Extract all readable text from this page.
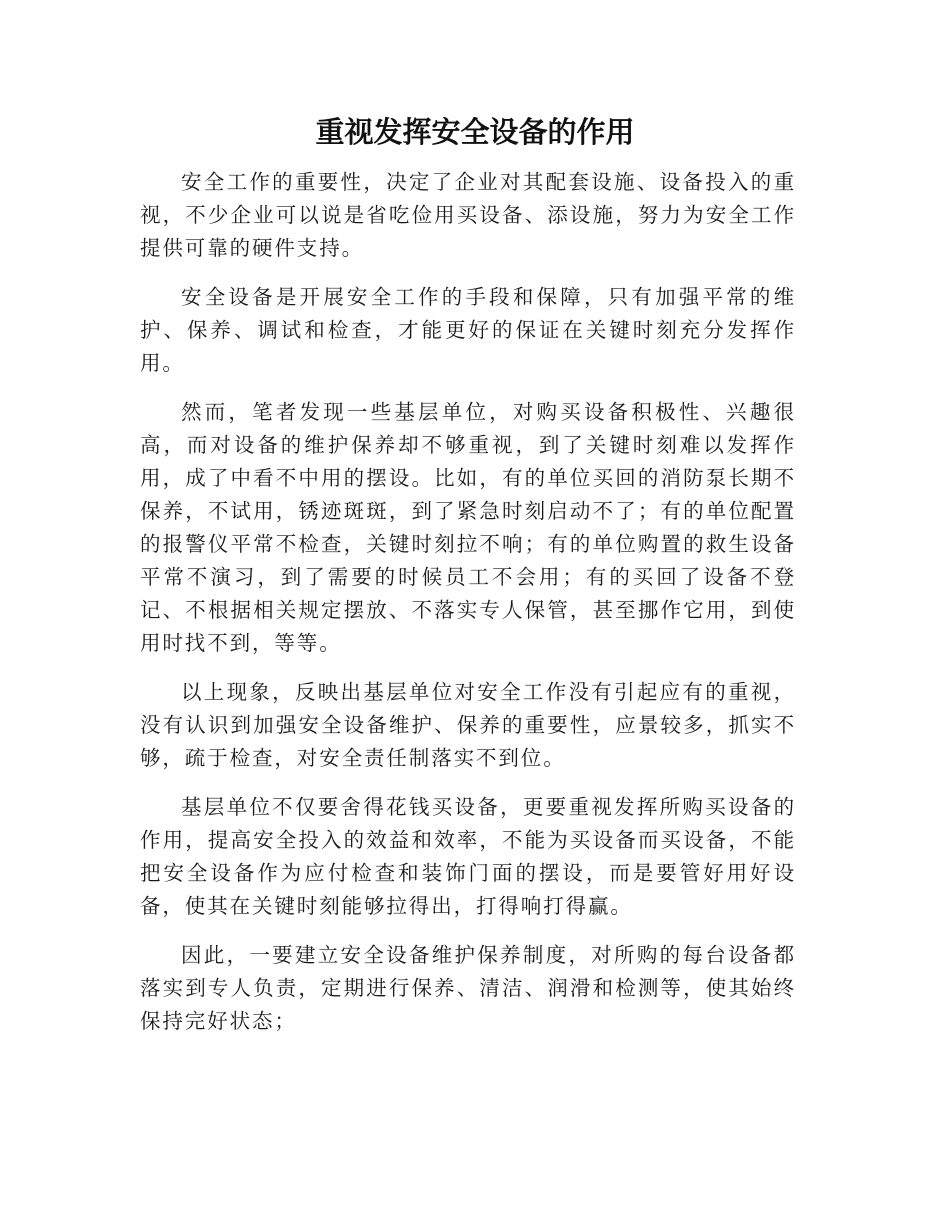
重视发挥安全设备的作用

安全工作的重要性，决定了企业对其配套设施、设备投入的重视，不少企业可以说是省吃俭用买设备、添设施，努力为安全工作提供可靠的硬件支持。

安全设备是开展安全工作的手段和保障，只有加强平常的维护、保养、调试和检查，才能更好的保证在关键时刻充分发挥作用。

然而，笔者发现一些基层单位，对购买设备积极性、兴趣很高，而对设备的维护保养却不够重视，到了关键时刻难以发挥作用，成了中看不中用的摆设。比如，有的单位买回的消防泵长期不保养，不试用，锈迹斑斑，到了紧急时刻启动不了；有的单位配置的报警仪平常不检查，关键时刻拉不响；有的单位购置的救生设备平常不演习，到了需要的时候员工不会用；有的买回了设备不登记、不根据相关规定摆放、不落实专人保管，甚至挪作它用，到使用时找不到，等等。

以上现象，反映出基层单位对安全工作没有引起应有的重视，没有认识到加强安全设备维护、保养的重要性，应景较多，抓实不够，疏于检查，对安全责任制落实不到位。

基层单位不仅要舍得花钱买设备，更要重视发挥所购买设备的作用，提高安全投入的效益和效率，不能为买设备而买设备，不能把安全设备作为应付检查和装饰门面的摆设，而是要管好用好设备，使其在关键时刻能够拉得出，打得响打得赢。

因此，一要建立安全设备维护保养制度，对所购的每台设备都落实到专人负责，定期进行保养、清洁、润滑和检测等，使其始终保持完好状态；
